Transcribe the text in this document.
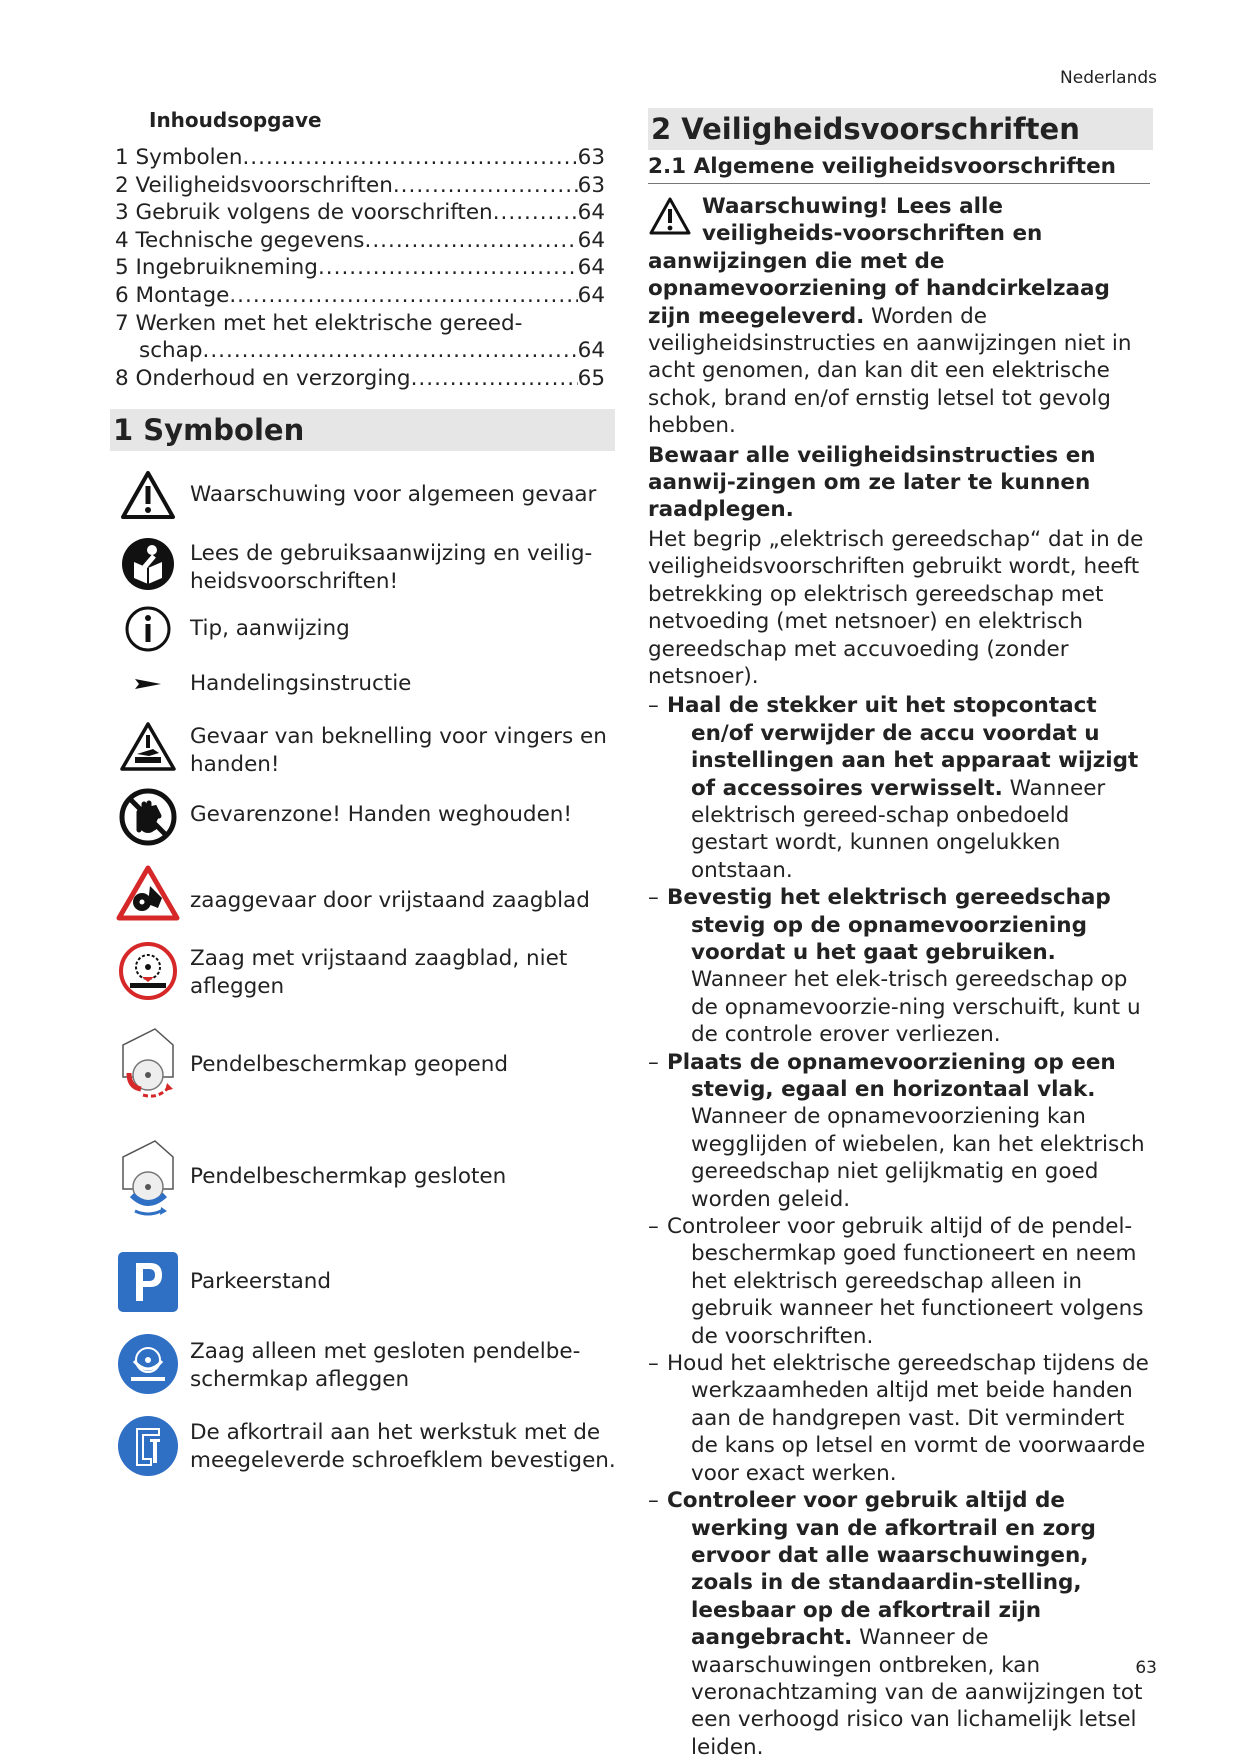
Nederlands
Inhoudsopgave
1 Symbolen .....	63
2 Veiligheidsvoorschriften .....	63
3 Gebruik volgens de voorschriften .....	64
4 Technische gegevens .....	64
5 Ingebruikneming .....	64
6 Montage .....	64
7 Werken met het elektrische gereed-
schap .....	64
8 Onderhoud en verzorging .....	65
1 Symbolen
Waarschuwing voor algemeen gevaar
Lees de gebruiksaanwijzing en veilig-heidsvoorschriften!
Tip, aanwijzing
Handelingsinstructie
Gevaar van beknelling voor vingers en handen!
Gevarenzone! Handen weghouden!
zaaggevaar door vrijstaand zaagblad
Zaag met vrijstaand zaagblad, niet afleggen
Pendelbeschermkap geopend
Pendelbeschermkap gesloten
Parkeerstand
Zaag alleen met gesloten pendelbe-schermkap afleggen
De afkortrail aan het werkstuk met de meegeleverde schroefklem bevestigen.
2 Veiligheidsvoorschriften
2.1 Algemene veiligheidsvoorschriften

Waarschuwing! Lees alle veiligheids-voorschriften en aanwijzingen die met de opnamevoorziening of handcirkelzaag zijn meegeleverd. Worden de veiligheidsinstructies en aanwijzingen niet in acht genomen, dan kan dit een elektrische schok, brand en/of ernstig letsel tot gevolg hebben.

Bewaar alle veiligheidsinstructies en aanwij-zingen om ze later te kunnen raadplegen.

Het begrip „elektrisch gereedschap“ dat in de veiligheidsvoorschriften gebruikt wordt, heeft betrekking op elektrisch gereedschap met netvoeding (met netsnoer) en elektrisch gereedschap met accuvoeding (zonder netsnoer).

– Haal de stekker uit het stopcontact en/of verwijder de accu voordat u instellingen aan het apparaat wijzigt of accessoires verwisselt. Wanneer elektrisch gereed-schap onbedoeld gestart wordt, kunnen ongelukken ontstaan.
– Bevestig het elektrisch gereedschap stevig op de opnamevoorziening voordat u het gaat gebruiken. Wanneer het elek-trisch gereedschap op de opnamevoorzie-ning verschuift, kunt u de controle erover verliezen.
– Plaats de opnamevoorziening op een stevig, egaal en horizontaal vlak. Wanneer de opnamevoorziening kan wegglijden of wiebelen, kan het elektrisch gereedschap niet gelijkmatig en goed worden geleid.
– Controleer voor gebruik altijd of de pendel-beschermkap goed functioneert en neem het elektrisch gereedschap alleen in gebruik wanneer het functioneert volgens de voorschriften.
– Houd het elektrische gereedschap tijdens de werkzaamheden altijd met beide handen aan de handgrepen vast. Dit vermindert de kans op letsel en vormt de voorwaarde voor exact werken.
– Controleer voor gebruik altijd de werking van de afkortrail en zorg ervoor dat alle waarschuwingen, zoals in de standaardin-stelling, leesbaar op de afkortrail zijn aangebracht. Wanneer de waarschuwingen ontbreken, kan veronachtzaming van de aanwijzingen tot een verhoogd risico van lichamelijk letsel leiden.
63
